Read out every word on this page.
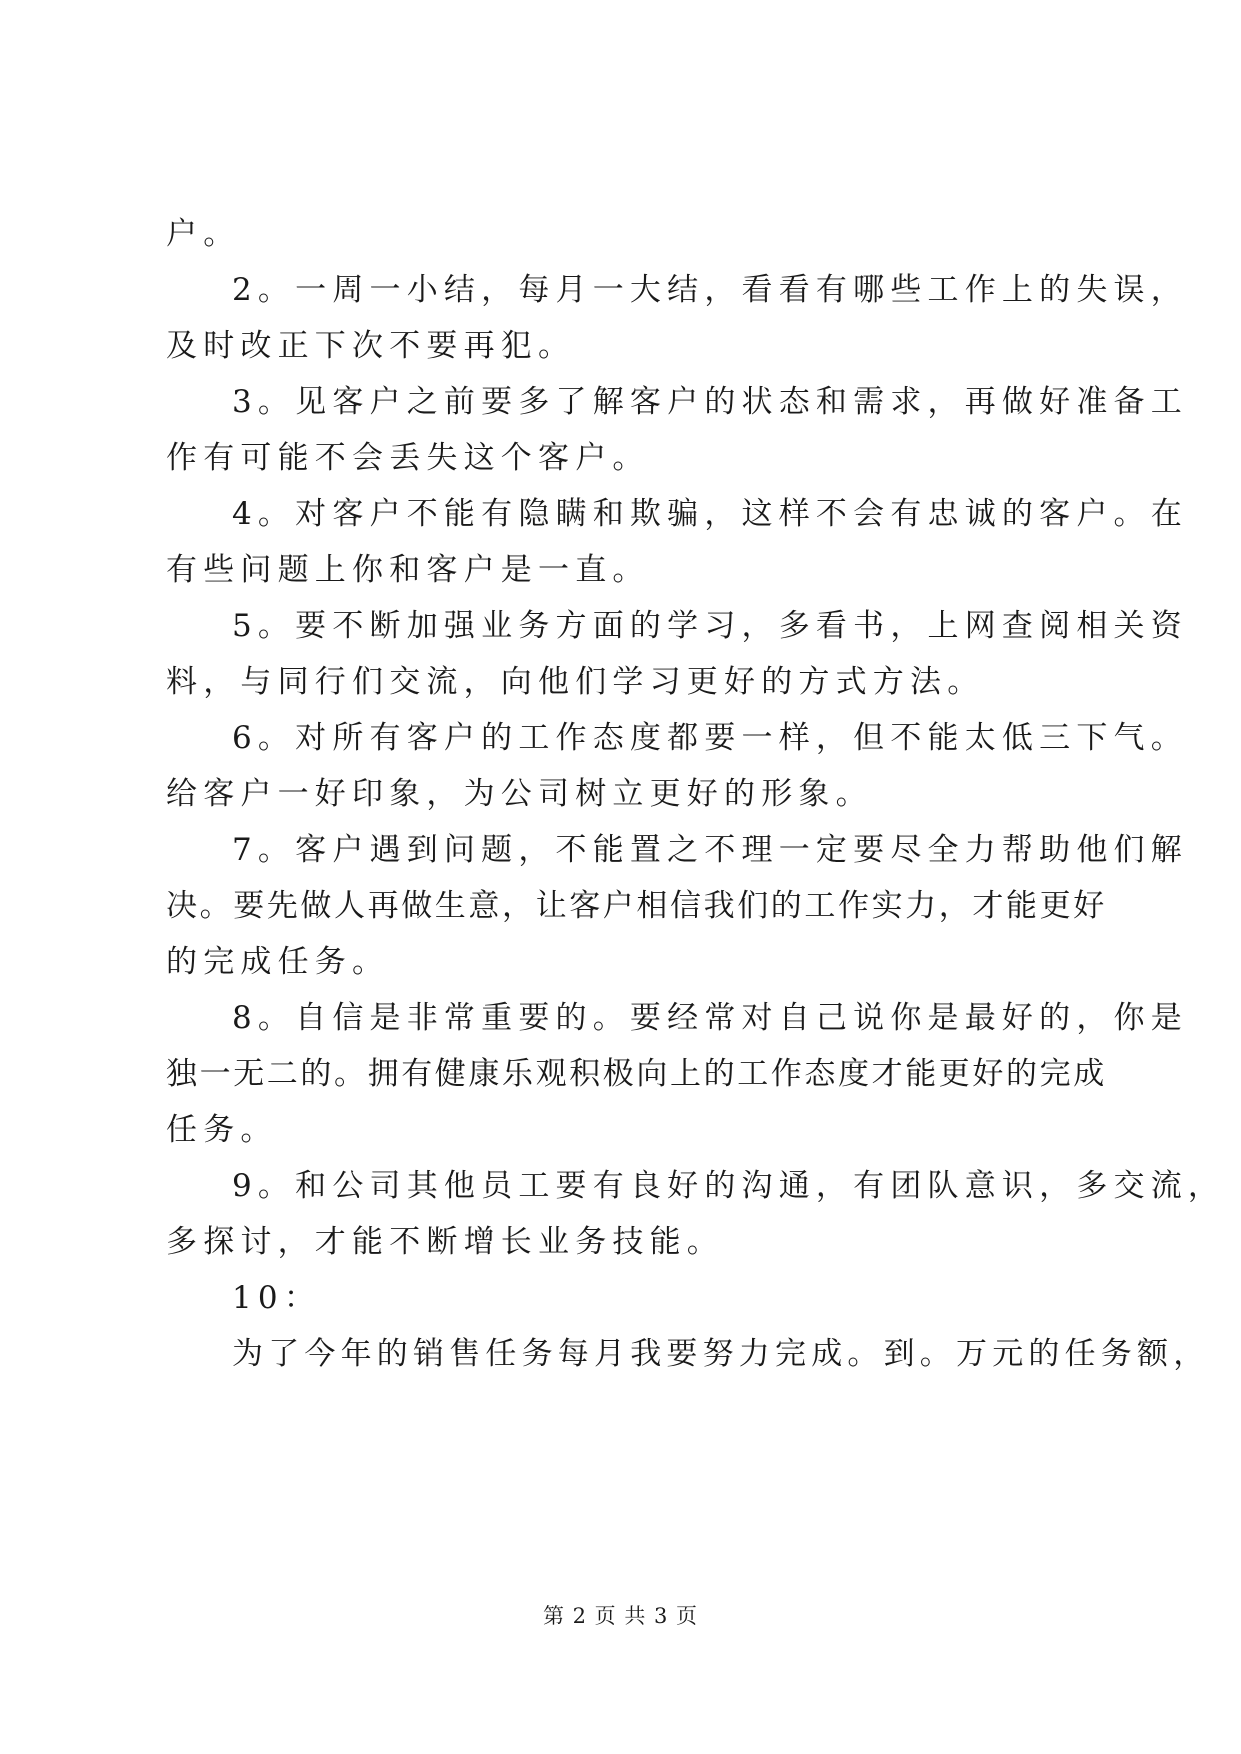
户。
2。一周一小结，每月一大结，看看有哪些工作上的失误，
及时改正下次不要再犯。
3。见客户之前要多了解客户的状态和需求，再做好准备工
作有可能不会丢失这个客户。
4。对客户不能有隐瞒和欺骗，这样不会有忠诚的客户。在
有些问题上你和客户是一直。
5。要不断加强业务方面的学习，多看书，上网查阅相关资
料，与同行们交流，向他们学习更好的方式方法。
6。对所有客户的工作态度都要一样，但不能太低三下气。
给客户一好印象，为公司树立更好的形象。
7。客户遇到问题，不能置之不理一定要尽全力帮助他们解
决。要先做人再做生意，让客户相信我们的工作实力，才能更好
的完成任务。
8。自信是非常重要的。要经常对自己说你是最好的，你是
独一无二的。拥有健康乐观积极向上的工作态度才能更好的完成
任务。
9。和公司其他员工要有良好的沟通，有团队意识，多交流，
多探讨，才能不断增长业务技能。
10：
为了今年的销售任务每月我要努力完成。到。万元的任务额，
第 2 页 共 3 页
